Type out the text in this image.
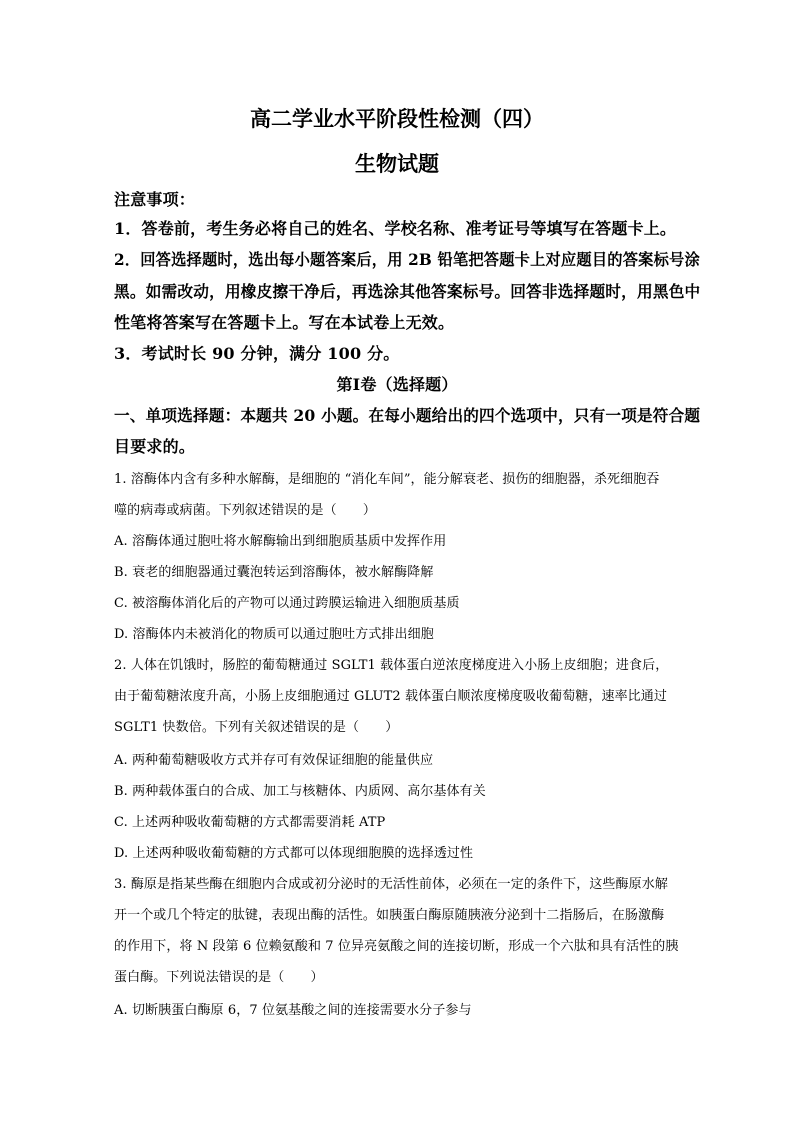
高二学业水平阶段性检测（四）
生物试题
注意事项：
1．答卷前，考生务必将自己的姓名、学校名称、准考证号等填写在答题卡上。
2．回答选择题时，选出每小题答案后，用 2B 铅笔把答题卡上对应题目的答案标号涂
黑。如需改动，用橡皮擦干净后，再选涂其他答案标号。回答非选择题时，用黑色中
性笔将答案写在答题卡上。写在本试卷上无效。
3．考试时长 90 分钟，满分 100 分。
第Ⅰ卷（选择题）
一、单项选择题：本题共 20 小题。在每小题给出的四个选项中，只有一项是符合题
目要求的。
1. 溶酶体内含有多种水解酶，是细胞的 “消化车间”，能分解衰老、损伤的细胞器，杀死细胞吞
噬的病毒或病菌。下列叙述错误的是（　　）
A. 溶酶体通过胞吐将水解酶输出到细胞质基质中发挥作用
B. 衰老的细胞器通过囊泡转运到溶酶体，被水解酶降解
C. 被溶酶体消化后的产物可以通过跨膜运输进入细胞质基质
D. 溶酶体内未被消化的物质可以通过胞吐方式排出细胞
2. 人体在饥饿时，肠腔的葡萄糖通过 SGLT1 载体蛋白逆浓度梯度进入小肠上皮细胞；进食后，
由于葡萄糖浓度升高，小肠上皮细胞通过 GLUT2 载体蛋白顺浓度梯度吸收葡萄糖，速率比通过
SGLT1 快数倍。下列有关叙述错误的是（　　）
A. 两种葡萄糖吸收方式并存可有效保证细胞的能量供应
B. 两种载体蛋白的合成、加工与核糖体、内质网、高尔基体有关
C. 上述两种吸收葡萄糖的方式都需要消耗 ATP
D. 上述两种吸收葡萄糖的方式都可以体现细胞膜的选择透过性
3. 酶原是指某些酶在细胞内合成或初分泌时的无活性前体，必须在一定的条件下，这些酶原水解
开一个或几个特定的肽键，表现出酶的活性。如胰蛋白酶原随胰液分泌到十二指肠后，在肠激酶
的作用下，将 N 段第 6 位赖氨酸和 7 位异亮氨酸之间的连接切断，形成一个六肽和具有活性的胰
蛋白酶。下列说法错误的是（　　）
A. 切断胰蛋白酶原 6，7 位氨基酸之间的连接需要水分子参与
